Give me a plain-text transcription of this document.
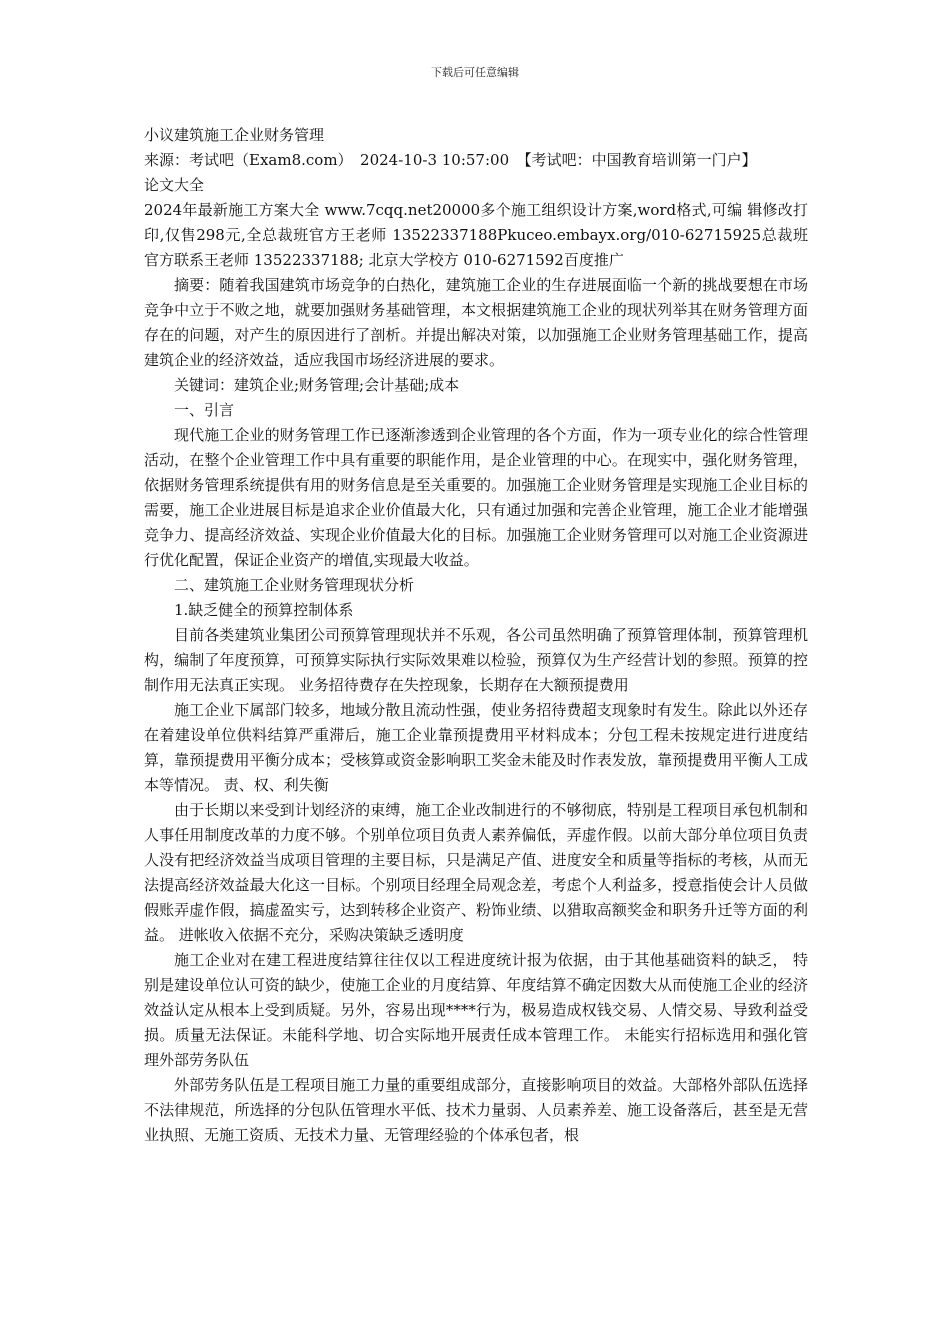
下载后可任意编辑

小议建筑施工企业财务管理

来源：考试吧（Exam8.com）　2024-10-3 10:57:00　【考试吧：中国教育培训第一门户】

论文大全

2024年最新施工方案大全 www.7cqq.net20000多个施工组织设计方案,word格式,可编 辑修改打印,仅售298元,全总裁班官方王老师 13522337188Pkuceo.embayx.org/010-62715925总裁班官方联系王老师 13522337188; 北京大学校方 010-6271592百度推广

摘要：随着我国建筑市场竞争的白热化，建筑施工企业的生存进展面临一个新的挑战要想在市场竞争中立于不败之地，就要加强财务基础管理，本文根据建筑施工企业的现状列举其在财务管理方面存在的问题，对产生的原因进行了剖析。并提出解决对策，以加强施工企业财务管理基础工作，提高建筑企业的经济效益，适应我国市场经济进展的要求。

关键词：建筑企业;财务管理;会计基础;成本

一、引言

现代施工企业的财务管理工作已逐渐渗透到企业管理的各个方面，作为一项专业化的综合性管理活动，在整个企业管理工作中具有重要的职能作用，是企业管理的中心。在现实中，强化财务管理，依据财务管理系统提供有用的财务信息是至关重要的。加强施工企业财务管理是实现施工企业目标的需要，施工企业进展目标是追求企业价值最大化，只有通过加强和完善企业管理，施工企业才能增强竞争力、提高经济效益、实现企业价值最大化的目标。加强施工企业财务管理可以对施工企业资源进行优化配置，保证企业资产的增值,实现最大收益。

二、建筑施工企业财务管理现状分析

1.缺乏健全的预算控制体系

目前各类建筑业集团公司预算管理现状并不乐观，各公司虽然明确了预算管理体制，预算管理机构，编制了年度预算，可预算实际执行实际效果难以检验，预算仅为生产经营计划的参照。预算的控制作用无法真正实现。 业务招待费存在失控现象，长期存在大额预提费用

施工企业下属部门较多，地域分散且流动性强，使业务招待费超支现象时有发生。除此以外还存在着建设单位供料结算严重滞后，施工企业靠预提费用平材料成本；分包工程未按规定进行进度结算，靠预提费用平衡分成本；受核算或资金影响职工奖金未能及时作表发放，靠预提费用平衡人工成本等情况。 责、权、利失衡

由于长期以来受到计划经济的束缚，施工企业改制进行的不够彻底，特别是工程项目承包机制和人事任用制度改革的力度不够。个别单位项目负责人素养偏低，弄虚作假。以前大部分单位项目负责人没有把经济效益当成项目管理的主要目标，只是满足产值、进度安全和质量等指标的考核，从而无法提高经济效益最大化这一目标。个别项目经理全局观念差，考虑个人利益多，授意指使会计人员做假账弄虚作假，搞虚盈实亏，达到转移企业资产、粉饰业绩、以猎取高额奖金和职务升迁等方面的利益。 进帐收入依据不充分，采购决策缺乏透明度

施工企业对在建工程进度结算往往仅以工程进度统计报为依据，由于其他基础资料的缺乏， 特别是建设单位认可资的缺少，使施工企业的月度结算、年度结算不确定因数大从而使施工企业的经济效益认定从根本上受到质疑。另外，容易出现****行为，极易造成权钱交易、人情交易、导致利益受损。质量无法保证。未能科学地、切合实际地开展责任成本管理工作。 未能实行招标选用和强化管理外部劳务队伍

外部劳务队伍是工程项目施工力量的重要组成部分，直接影响项目的效益。大部格外部队伍选择不法律规范，所选择的分包队伍管理水平低、技术力量弱、人员素养差、施工设备落后，甚至是无营业执照、无施工资质、无技术力量、无管理经验的个体承包者，根
